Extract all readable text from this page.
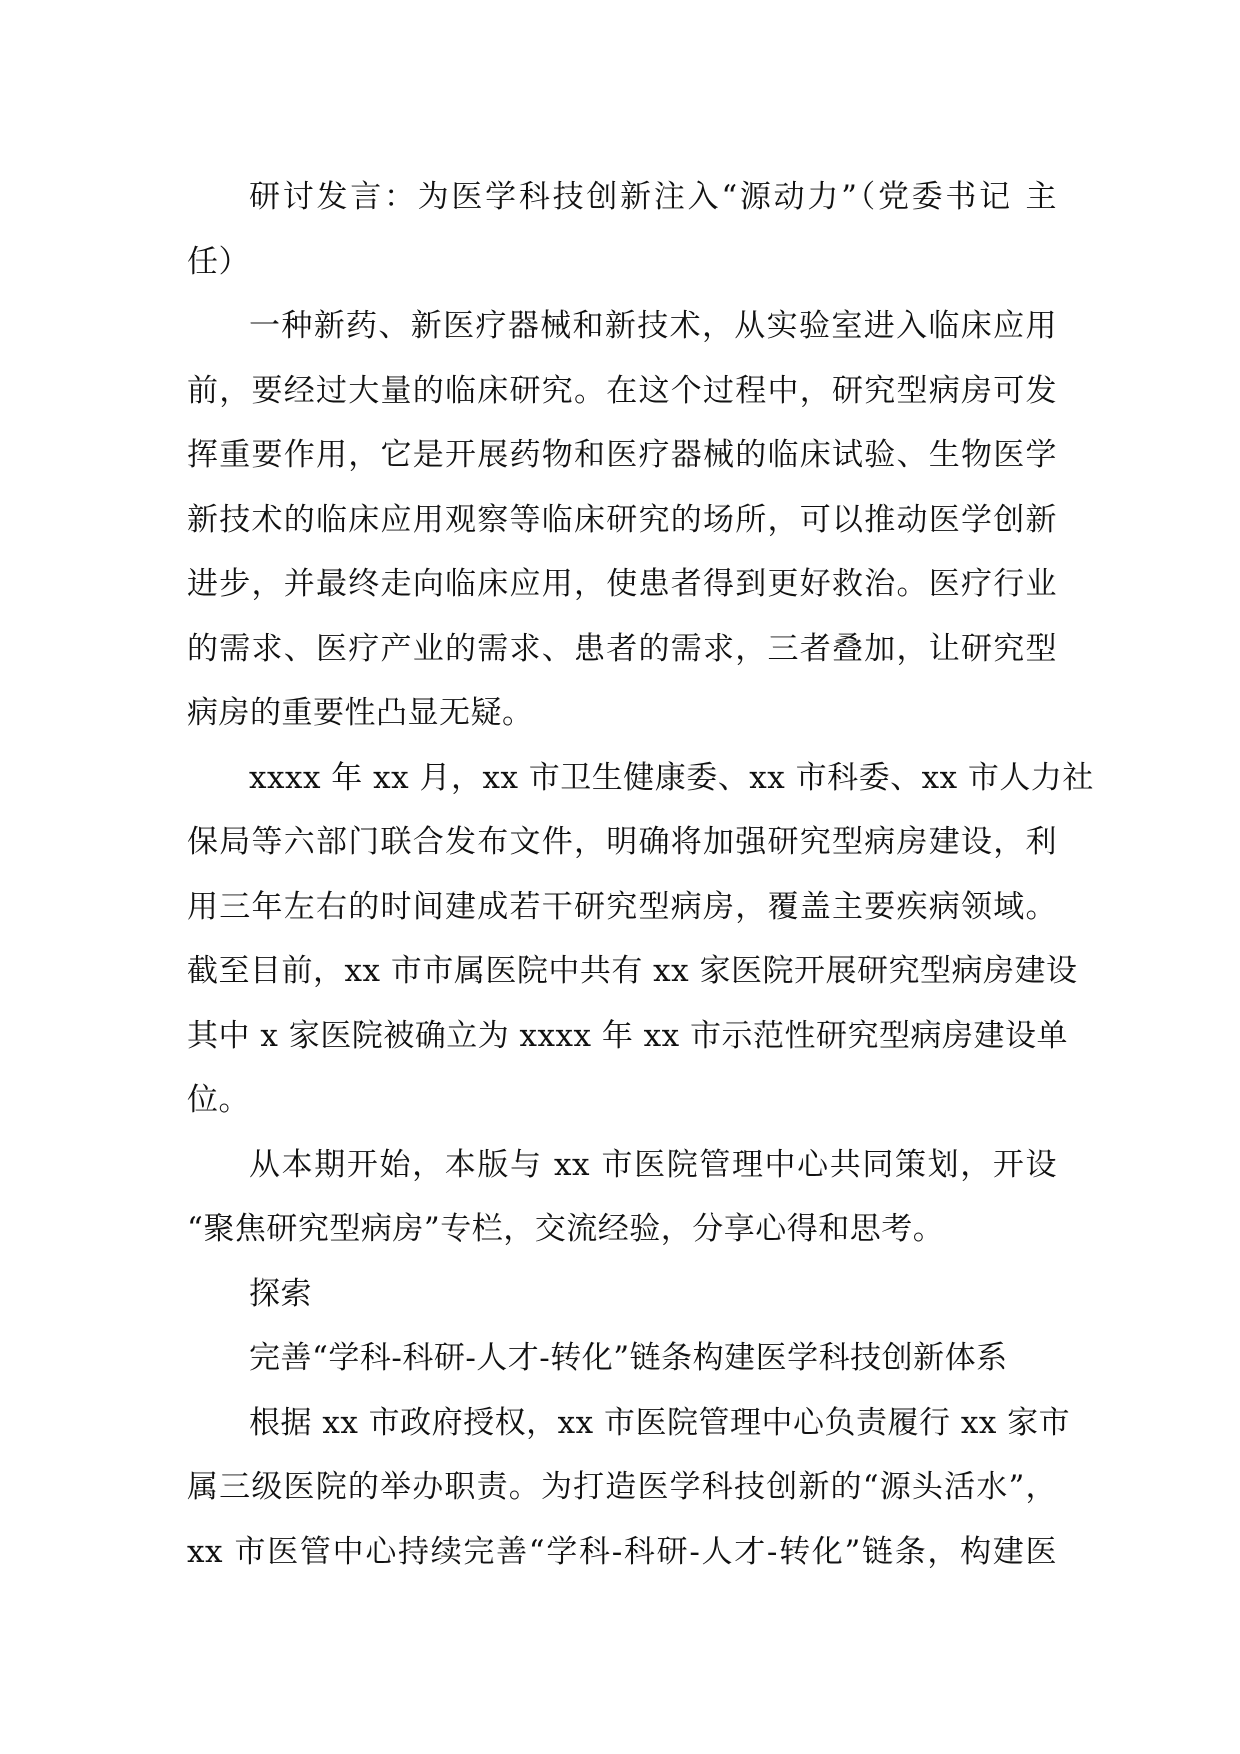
研讨发言：为医学科技创新注入“源动力”（党委书记 主
任）
一种新药、新医疗器械和新技术，从实验室进入临床应用
前，要经过大量的临床研究。在这个过程中，研究型病房可发
挥重要作用，它是开展药物和医疗器械的临床试验、生物医学
新技术的临床应用观察等临床研究的场所，可以推动医学创新
进步，并最终走向临床应用，使患者得到更好救治。医疗行业
的需求、医疗产业的需求、患者的需求，三者叠加，让研究型
病房的重要性凸显无疑。
xxxx 年 xx 月，xx 市卫生健康委、xx 市科委、xx 市人力社
保局等六部门联合发布文件，明确将加强研究型病房建设，利
用三年左右的时间建成若干研究型病房，覆盖主要疾病领域。
截至目前，xx 市市属医院中共有 xx 家医院开展研究型病房建设
其中 x 家医院被确立为 xxxx 年 xx 市示范性研究型病房建设单
位。
从本期开始，本版与 xx 市医院管理中心共同策划，开设
“聚焦研究型病房”专栏，交流经验，分享心得和思考。
探索
完善“学科-科研-人才-转化”链条构建医学科技创新体系
根据 xx 市政府授权，xx 市医院管理中心负责履行 xx 家市
属三级医院的举办职责。为打造医学科技创新的“源头活水”，
xx 市医管中心持续完善“学科-科研-人才-转化”链条，构建医
